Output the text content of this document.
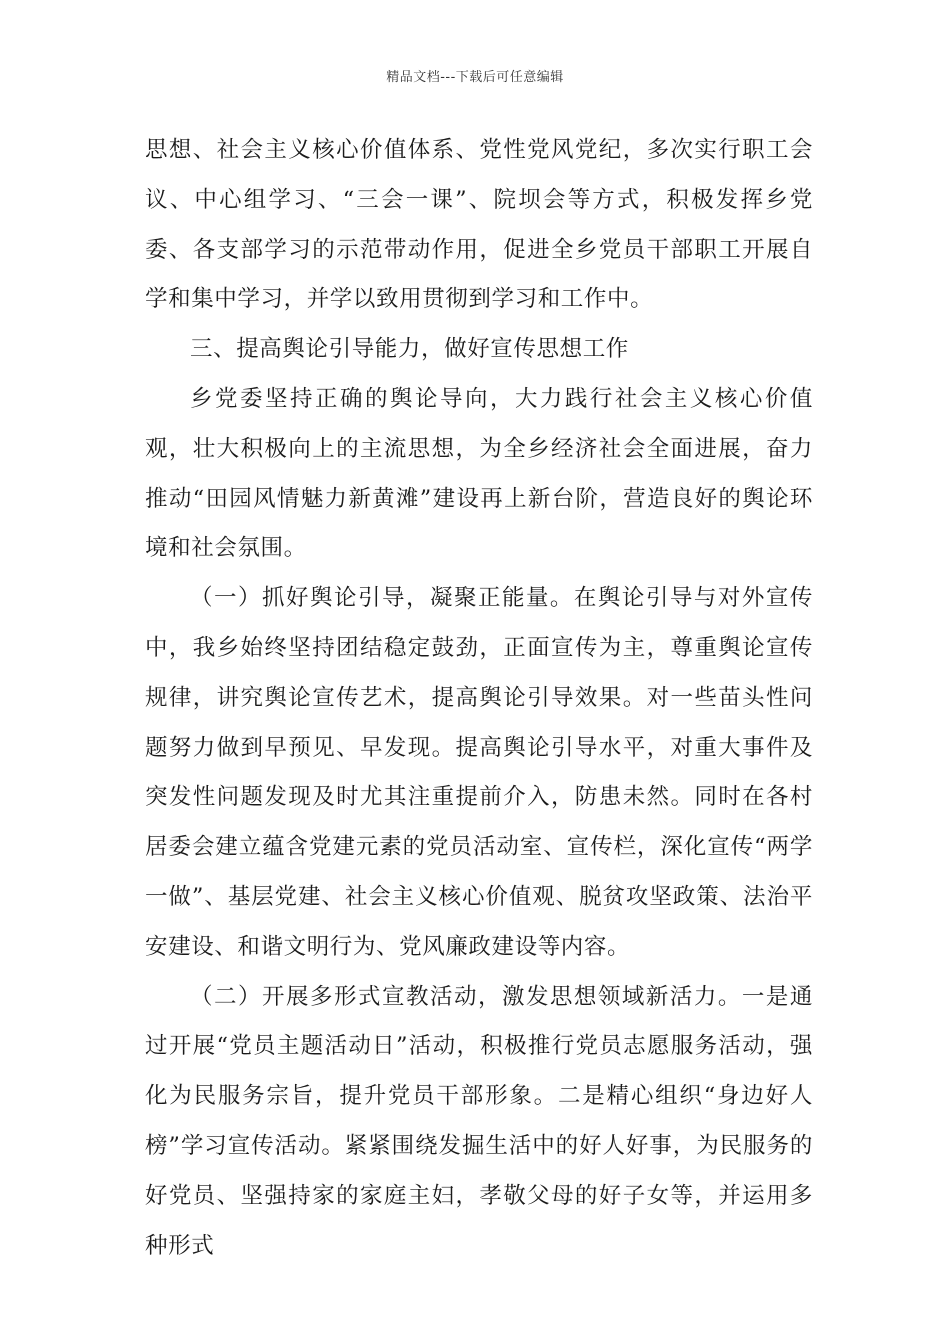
精品文档---下载后可任意编辑

思想、社会主义核心价值体系、党性党风党纪，多次实行职工会议、中心组学习、“三会一课”、院坝会等方式，积极发挥乡党委、各支部学习的示范带动作用，促进全乡党员干部职工开展自学和集中学习，并学以致用贯彻到学习和工作中。

三、提高舆论引导能力，做好宣传思想工作

乡党委坚持正确的舆论导向，大力践行社会主义核心价值观，壮大积极向上的主流思想，为全乡经济社会全面进展，奋力推动“田园风情魅力新黄滩”建设再上新台阶，营造良好的舆论环境和社会氛围。

（一）抓好舆论引导，凝聚正能量。在舆论引导与对外宣传中，我乡始终坚持团结稳定鼓劲，正面宣传为主，尊重舆论宣传规律，讲究舆论宣传艺术，提高舆论引导效果。对一些苗头性问题努力做到早预见、早发现。提高舆论引导水平，对重大事件及突发性问题发现及时尤其注重提前介入，防患未然。同时在各村居委会建立蕴含党建元素的党员活动室、宣传栏，深化宣传“两学一做”、基层党建、社会主义核心价值观、脱贫攻坚政策、法治平安建设、和谐文明行为、党风廉政建设等内容。

（二）开展多形式宣教活动，激发思想领域新活力。一是通过开展“党员主题活动日”活动，积极推行党员志愿服务活动，强化为民服务宗旨，提升党员干部形象。二是精心组织“身边好人榜”学习宣传活动。紧紧围绕发掘生活中的好人好事，为民服务的好党员、坚强持家的家庭主妇，孝敬父母的好子女等，并运用多种形式
